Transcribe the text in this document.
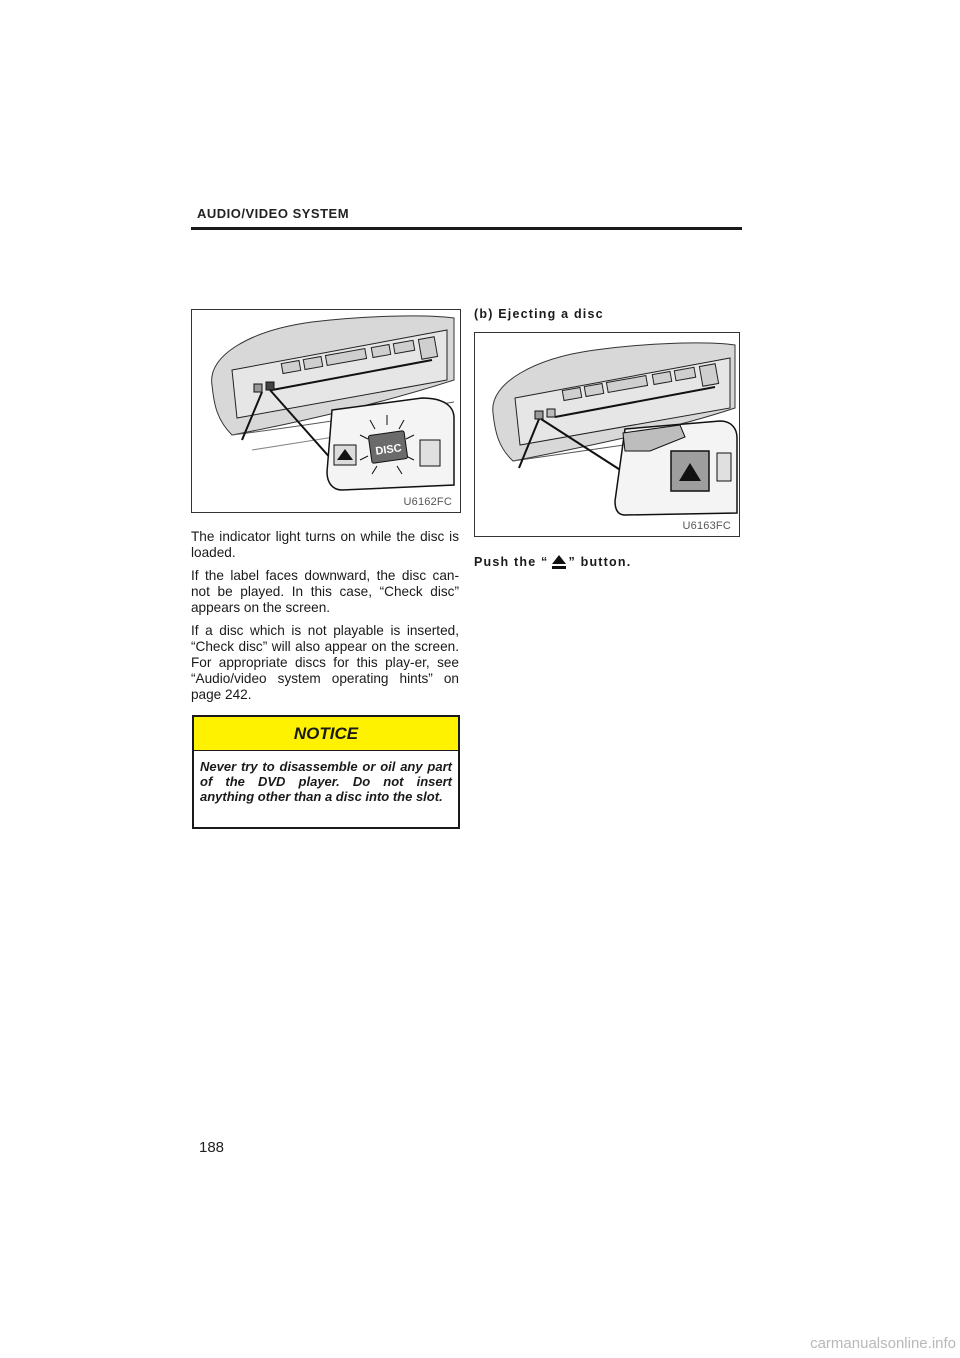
AUDIO/VIDEO SYSTEM
DISC
U6162FC

The indicator light turns on while the disc is loaded.

If the label faces downward, the disc can-not be played. In this case, “Check disc” appears on the screen.

If a disc which is not playable is inserted, “Check disc” will also appear on the screen. For appropriate discs for this play-er, see “Audio/video system operating hints” on page 242.

NOTICE
Never try to disassemble or oil any part of the DVD player. Do not insert anything other than a disc into the slot.
(b) Ejecting a disc
U6163FC
Push the “ ” button.
188
carmanualsonline.info
